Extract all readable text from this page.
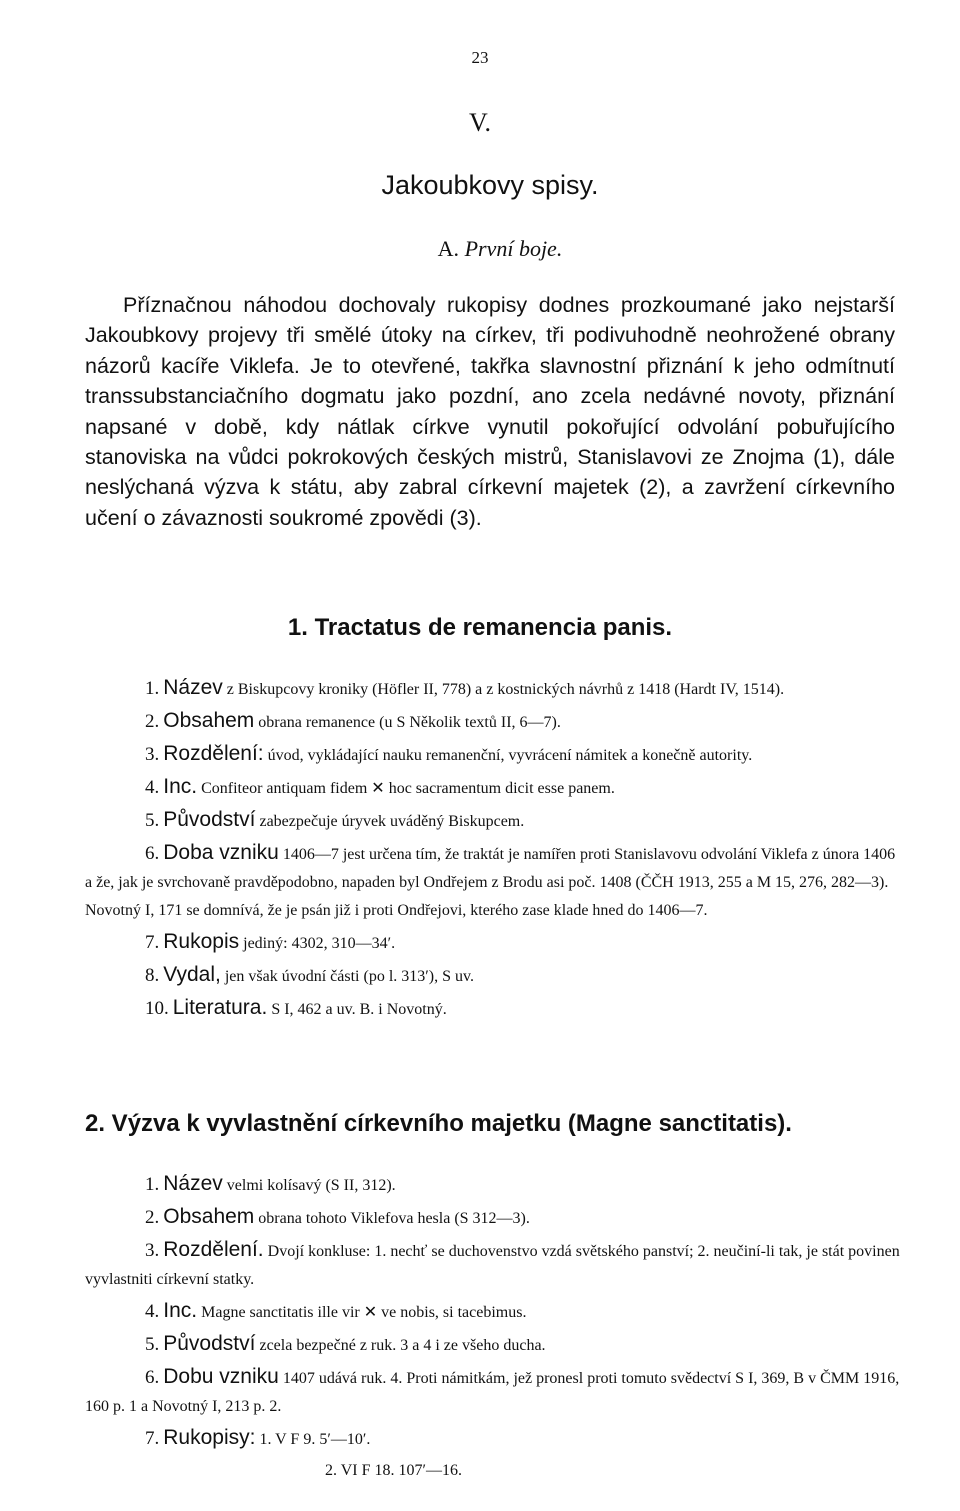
23
V.
Jakoubkovy spisy.
A. První boje.

Příznačnou náhodou dochovaly rukopisy dodnes prozkoumané jako nejstarší Jakoubkovy projevy tři smělé útoky na církev, tři podivuhodně neohrožené obrany názorů kacíře Viklefa. Je to otevřené, takřka slavnostní přiznání k jeho odmítnutí transsubstanciačního dogmatu jako pozdní, ano zcela nedávné novoty, přiznání napsané v době, kdy nátlak církve vynutil pokořující odvolání pobuřujícího stanoviska na vůdci pokrokových českých mistrů, Stanislavovi ze Znojma (1), dále neslýchaná výzva k státu, aby zabral církevní majetek (2), a zavržení církevního učení o závaznosti soukromé zpovědi (3).

1. Tractatus de remanencia panis.
1. Název z Biskupcovy kroniky (Höfler II, 778) a z kostnických návrhů z 1418 (Hardt IV, 1514).
2. Obsahem obrana remanence (u S Několik textů II, 6—7).
3. Rozdělení: úvod, vykládající nauku remanenční, vyvrácení námitek a konečně autority.
4. Inc. Confiteor antiquam fidem ✕ hoc sacramentum dicit esse panem.
5. Původství zabezpečuje úryvek uváděný Biskupcem.
6. Doba vzniku 1406—7 jest určena tím, že traktát je namířen proti Stanislavovu odvolání Viklefa z února 1406 a že, jak je svrchovaně pravděpodobno, napaden byl Ondřejem z Brodu asi poč. 1408 (ČČH 1913, 255 a M 15, 276, 282—3). Novotný I, 171 se domnívá, že je psán již i proti Ondřejovi, kterého zase klade hned do 1406—7.
7. Rukopis jediný: 4302, 310—34′.
8. Vydal, jen však úvodní části (po l. 313′), S uv.
10. Literatura. S I, 462 a uv. B. i Novotný.
2. Výzva k vyvlastnění církevního majetku (Magne sanctitatis).
1. Název velmi kolísavý (S II, 312).
2. Obsahem obrana tohoto Viklefova hesla (S 312—3).
3. Rozdělení. Dvojí konkluse: 1. nechť se duchovenstvo vzdá světského panství; 2. neučiní-li tak, je stát povinen vyvlastniti církevní statky.
4. Inc. Magne sanctitatis ille vir ✕ ve nobis, si tacebimus.
5. Původství zcela bezpečné z ruk. 3 a 4 i ze všeho ducha.
6. Dobu vzniku 1407 udává ruk. 4. Proti námitkám, jež pronesl proti tomuto svědectví S I, 369, B v ČMM 1916, 160 p. 1 a Novotný I, 213 p. 2.
7. Rukopisy: 1. V F 9. 5′—10′.
2. VI F 18. 107′—16.
